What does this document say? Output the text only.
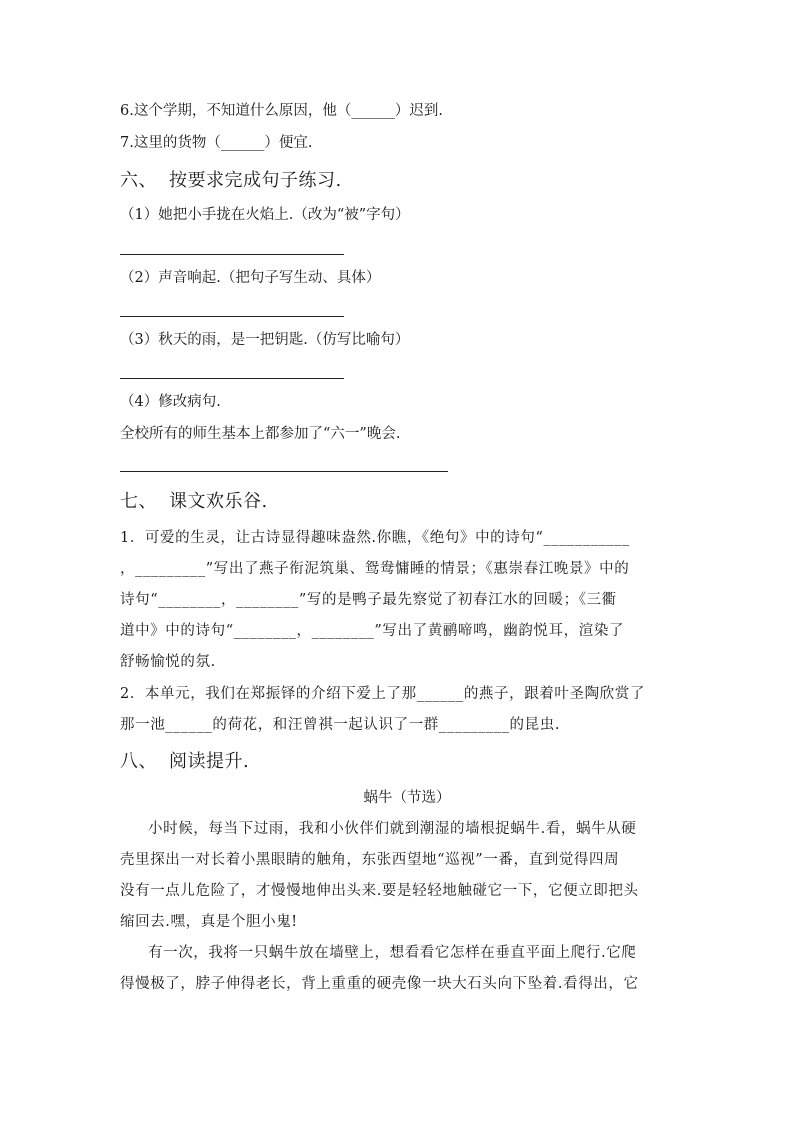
6.这个学期，不知道什么原因，他（______）迟到.
7.这里的货物（______）便宜.
六、 按要求完成句子练习.
（1）她把小手拢在火焰上.（改为“被”字句）
（2）声音响起.（把句子写生动、具体）
（3）秋天的雨，是一把钥匙.（仿写比喻句）
（4）修改病句.
全校所有的师生基本上都参加了“六一”晚会.
七、 课文欢乐谷.
1．可爱的生灵，让古诗显得趣味盎然.你瞧，《绝句》中的诗句“___________
，_________”写出了燕子衔泥筑巢、鸳鸯慵睡的情景；《惠崇春江晚景》中的
诗句“________，________”写的是鸭子最先察觉了初春江水的回暖；《三衢
道中》中的诗句“________，________”写出了黄鹂啼鸣，幽韵悦耳，渲染了
舒畅愉悦的氛.
2．本单元，我们在郑振铎的介绍下爱上了那______的燕子，跟着叶圣陶欣赏了
那一池______的荷花，和汪曾祺一起认识了一群_________的昆虫.
八、 阅读提升.
蜗牛（节选）
小时候，每当下过雨，我和小伙伴们就到潮湿的墙根捉蜗牛.看，蜗牛从硬
壳里探出一对长着小黑眼睛的触角，东张西望地“巡视”一番，直到觉得四周
没有一点儿危险了，才慢慢地伸出头来.要是轻轻地触碰它一下，它便立即把头
缩回去.嘿，真是个胆小鬼!
有一次，我将一只蜗牛放在墙壁上，想看看它怎样在垂直平面上爬行.它爬
得慢极了，脖子伸得老长，背上重重的硬壳像一块大石头向下坠着.看得出，它
